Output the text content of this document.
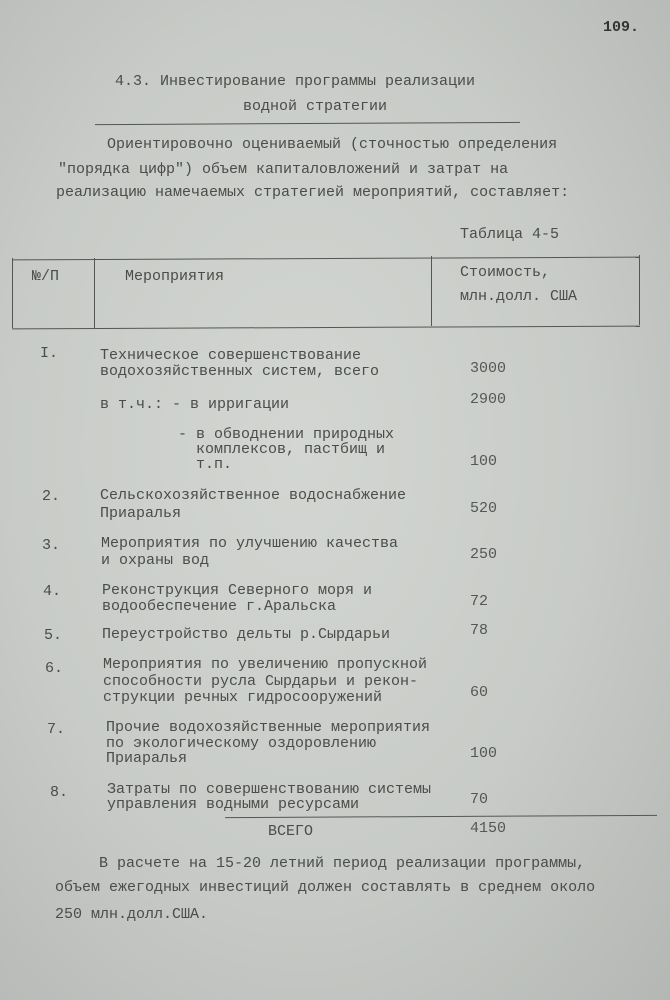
109.
4.3. Инвестирование программы реализации
водной стратегии
Ориентировочно оцениваемый (сточностью определения
"порядка цифр") объем капиталовложений и затрат на
реализацию намечаемых стратегией мероприятий, составляет:
Таблица 4-5
№/П	Мероприятия	Стоимость,
млн.долл. США
I.	Техническое совершенствование
водохозяйственных систем, всего	3000
в т.ч.: - в ирригации	2900
- в обводнении природных
комплексов, пастбищ и
т.п.	100
2.	Сельскохозяйственное водоснабжение
Приаралья	520
3.	Мероприятия по улучшению качества
и охраны вод	250
4.	Реконструкция Северного моря и
водообеспечение г.Аральска	72
5.	Переустройство дельты р.Сырдарьи	78
6.	Мероприятия по увеличению пропускной
способности русла Сырдарьи и рекон-
струкции речных гидросооружений	60
7.	Прочие водохозяйственные мероприятия
по экологическому оздоровлению
Приаралья	100
8.	Затраты по совершенствованию системы
управления водными ресурсами	70
ВСЕГО	4150
В расчете на 15-20 летний период реализации программы,
объем ежегодных инвестиций должен составлять в среднем около
250 млн.долл.США.
